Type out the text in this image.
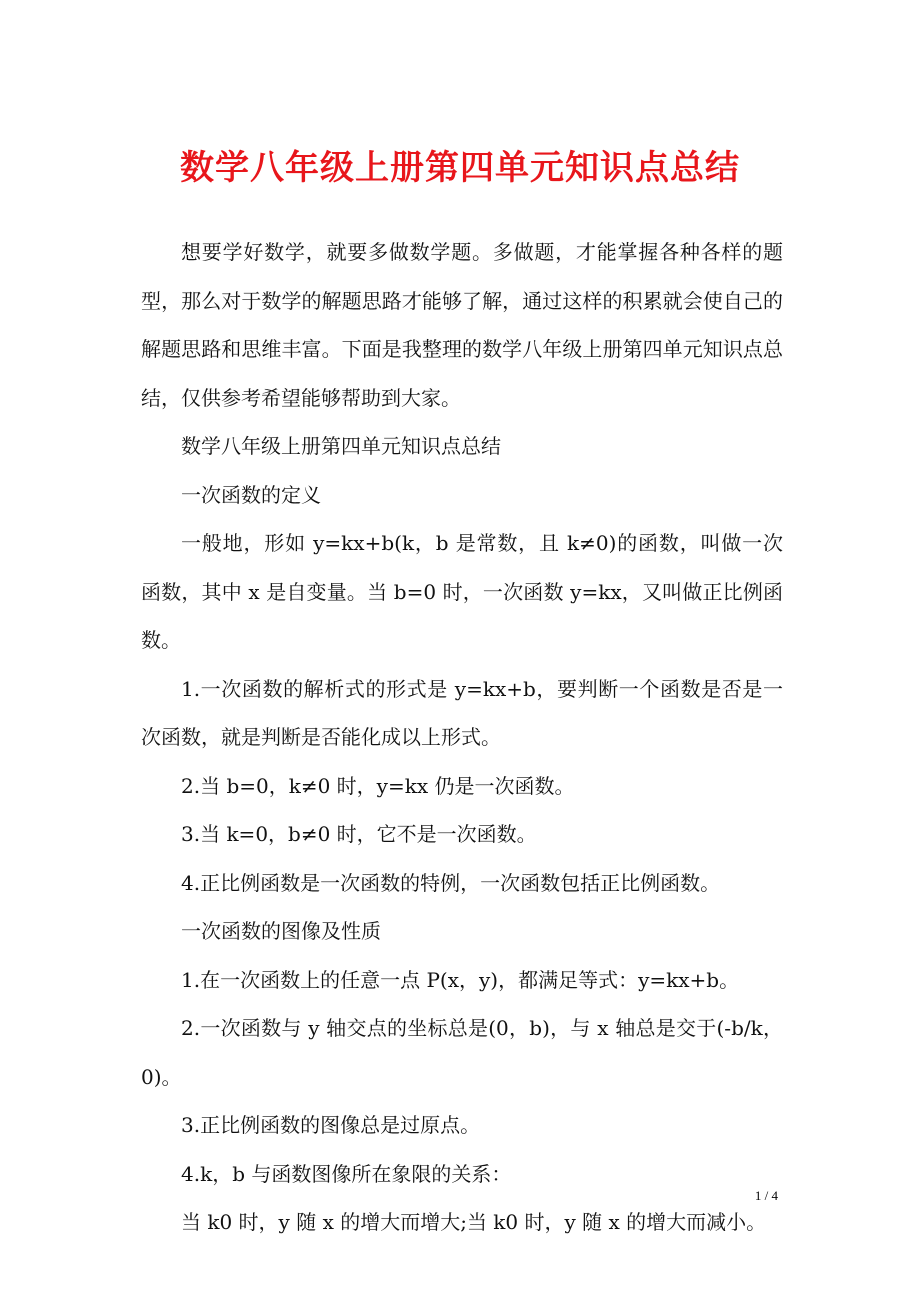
数学八年级上册第四单元知识点总结

想要学好数学，就要多做数学题。多做题，才能掌握各种各样的题型，那么对于数学的解题思路才能够了解，通过这样的积累就会使自己的解题思路和思维丰富。下面是我整理的数学八年级上册第四单元知识点总结，仅供参考希望能够帮助到大家。

数学八年级上册第四单元知识点总结

一次函数的定义

一般地，形如 y=kx+b(k，b 是常数，且 k≠0)的函数，叫做一次函数，其中 x 是自变量。当 b=0 时，一次函数 y=kx，又叫做正比例函数。

1.一次函数的解析式的形式是 y=kx+b，要判断一个函数是否是一次函数，就是判断是否能化成以上形式。

2.当 b=0，k≠0 时，y=kx 仍是一次函数。

3.当 k=0，b≠0 时，它不是一次函数。

4.正比例函数是一次函数的特例，一次函数包括正比例函数。

一次函数的图像及性质

1.在一次函数上的任意一点 P(x，y)，都满足等式：y=kx+b。

2.一次函数与 y 轴交点的坐标总是(0，b)，与 x 轴总是交于(-b/k，0)。

3.正比例函数的图像总是过原点。

4.k，b 与函数图像所在象限的关系：

当 k0 时，y 随 x 的增大而增大;当 k0 时，y 随 x 的增大而减小。

1 / 4
